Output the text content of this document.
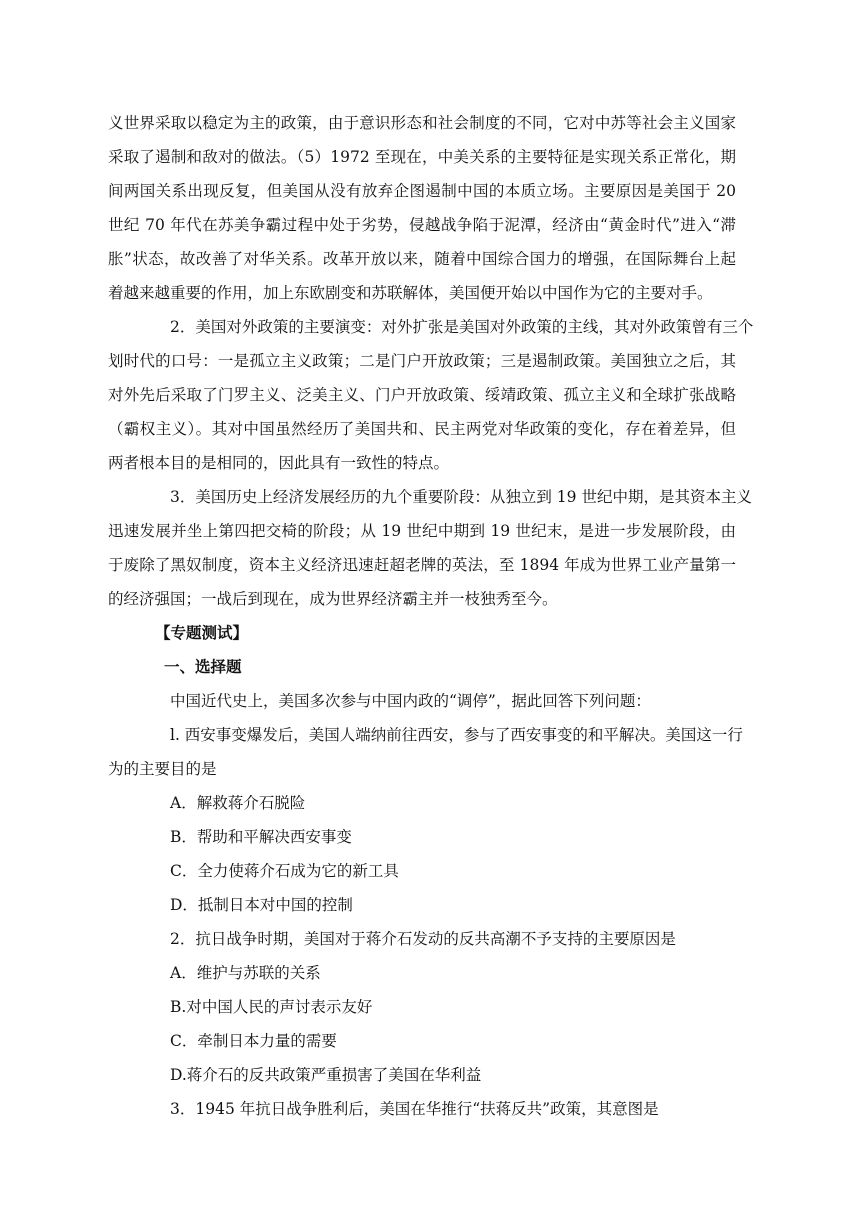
义世界采取以稳定为主的政策，由于意识形态和社会制度的不同，它对中苏等社会主义国家
采取了遏制和敌对的做法。（5）1972 至现在，中美关系的主要特征是实现关系正常化，期
间两国关系出现反复，但美国从没有放弃企图遏制中国的本质立场。主要原因是美国于 20
世纪 70 年代在苏美争霸过程中处于劣势，侵越战争陷于泥潭，经济由“黄金时代”进入“滞
胀”状态，故改善了对华关系。改革开放以来，随着中国综合国力的增强，在国际舞台上起
着越来越重要的作用，加上东欧剧变和苏联解体，美国便开始以中国作为它的主要对手。
2．美国对外政策的主要演变：对外扩张是美国对外政策的主线，其对外政策曾有三个
划时代的口号：一是孤立主义政策；二是门户开放政策；三是遏制政策。美国独立之后，其
对外先后采取了门罗主义、泛美主义、门户开放政策、绥靖政策、孤立主义和全球扩张战略
（霸权主义）。其对中国虽然经历了美国共和、民主两党对华政策的变化，存在着差异，但
两者根本目的是相同的，因此具有一致性的特点。
3．美国历史上经济发展经历的九个重要阶段：从独立到 19 世纪中期，是其资本主义
迅速发展并坐上第四把交椅的阶段；从 19 世纪中期到 19 世纪末，是进一步发展阶段，由
于废除了黑奴制度，资本主义经济迅速赶超老牌的英法，至 1894 年成为世界工业产量第一
的经济强国；一战后到现在，成为世界经济霸主并一枝独秀至今。
【专题测试】
一、选择题
中国近代史上，美国多次参与中国内政的“调停”，据此回答下列问题：
l. 西安事变爆发后，美国人端纳前往西安，参与了西安事变的和平解决。美国这一行
为的主要目的是
A．解救蒋介石脱险
B．帮助和平解决西安事变
C．全力使蒋介石成为它的新工具
D．抵制日本对中国的控制
2．抗日战争时期，美国对于蒋介石发动的反共高潮不予支持的主要原因是
A．维护与苏联的关系
B.对中国人民的声讨表示友好
C．牵制日本力量的需要
D.蒋介石的反共政策严重损害了美国在华利益
3．1945 年抗日战争胜利后，美国在华推行“扶蒋反共”政策，其意图是
